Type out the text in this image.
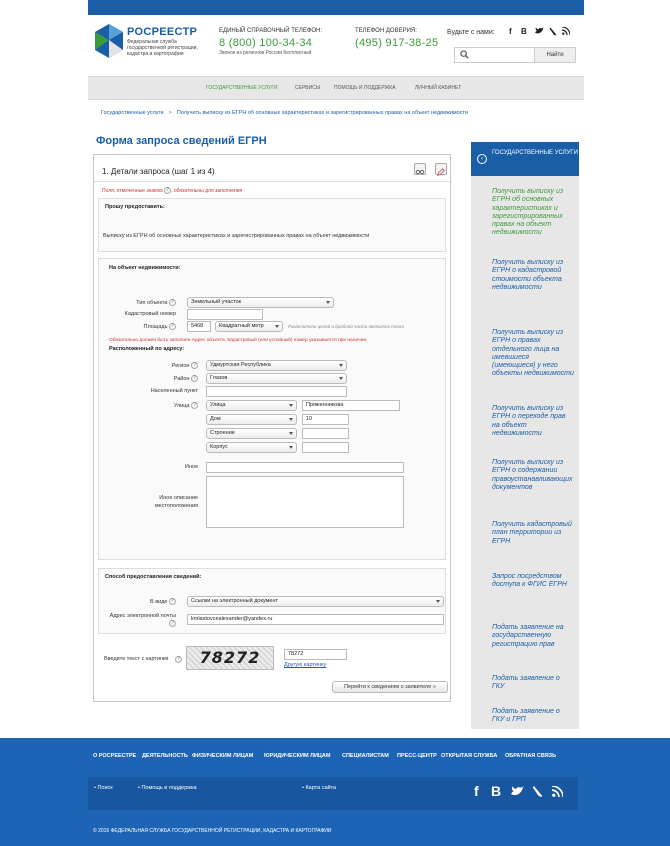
РОСРЕЕСТР
Федеральная служба государственной регистрации, кадастра и картографии
ЕДИНЫЙ СПРАВОЧНЫЙ ТЕЛЕФОН:
8 (800) 100-34-34
Звонок из регионов России бесплатный
ТЕЛЕФОН ДОВЕРИЯ:
(495) 917-38-25
Будьте с нами: f B
Найти
ГОСУДАРСТВЕННЫЕ УСЛУГИ	СЕРВИСЫ	ПОМОЩЬ И ПОДДЕРЖКА	ЛИЧНЫЙ КАБИНЕТ
Государственные услуги > Получить выписку из ЕГРН об основных характеристиках и зарегистрированных правах на объект недвижимости
Форма запроса сведений ЕГРН
1. Детали запроса (шаг 1 из 4)
Поля, отмеченные знаком ? , обязательны для заполнения
Прошу предоставить:
Выписку из ЕГРН об основных характеристиках и зарегистрированных правах на объект недвижимости
На объект недвижимости:
Тип объекта ?	Земельный участок
Кадастровый номер
Площадь ?	5468	Квадратный метр	Разделители целой и дробной части являются точка
Обязательно должен быть заполнен Адрес объекта, Кадастровый (или условный) номер указывается при наличии.
Расположенный по адресу:
Регион ?	Удмуртская Республика
Район ?	Глазов
Населенный пункт
Улица ?	Улица	Пряженникова
Дом	10
Строение
Корпус
Иное
Иное описание местоположения
Способ предоставления сведений:
В виде ?	Ссылки на электронный документ
Адрес электронной почты ?
kmlastovcealexander@yandex.ru
Введите текст с картинки	?	78272	78272
Другую картинку
Перейти к сведениям о заявителе »
‹
ГОСУДАРСТВЕННЫЕ УСЛУГИ
Получить выписку из ЕГРН об основных характеристиках и зарегистрированных правах на объект недвижимости
Получить выписку из ЕГРН о кадастровой стоимости объекта недвижимости
Получить выписку из ЕГРН о правах отдельного лица на имевшиеся (имеющиеся) у него объекты недвижимости
Получить выписку из ЕГРН о переходе прав на объект недвижимости
Получить выписку из ЕГРН о содержании правоустанавливающих документов
Получить кадастровый план территории из ЕГРН
Запрос посредством доступа к ФГИС ЕГРН
Подать заявление на государственную регистрацию прав
Подать заявление о ГКУ
Подать заявление о ГКУ и ГРП
О РОСРЕЕСТРЕ ДЕЯТЕЛЬНОСТЬ ФИЗИЧЕСКИМ ЛИЦАМ ЮРИДИЧЕСКИМ ЛИЦАМ СПЕЦИАЛИСТАМ ПРЕСС-ЦЕНТР ОТКРЫТАЯ СЛУЖБА ОБРАТНАЯ СВЯЗЬ
• Поиск	• Помощь и поддержка	• Карта сайта	f B
© 2016 ФЕДЕРАЛЬНАЯ СЛУЖБА ГОСУДАРСТВЕННОЙ РЕГИСТРАЦИИ, КАДАСТРА И КАРТОГРАФИИ
